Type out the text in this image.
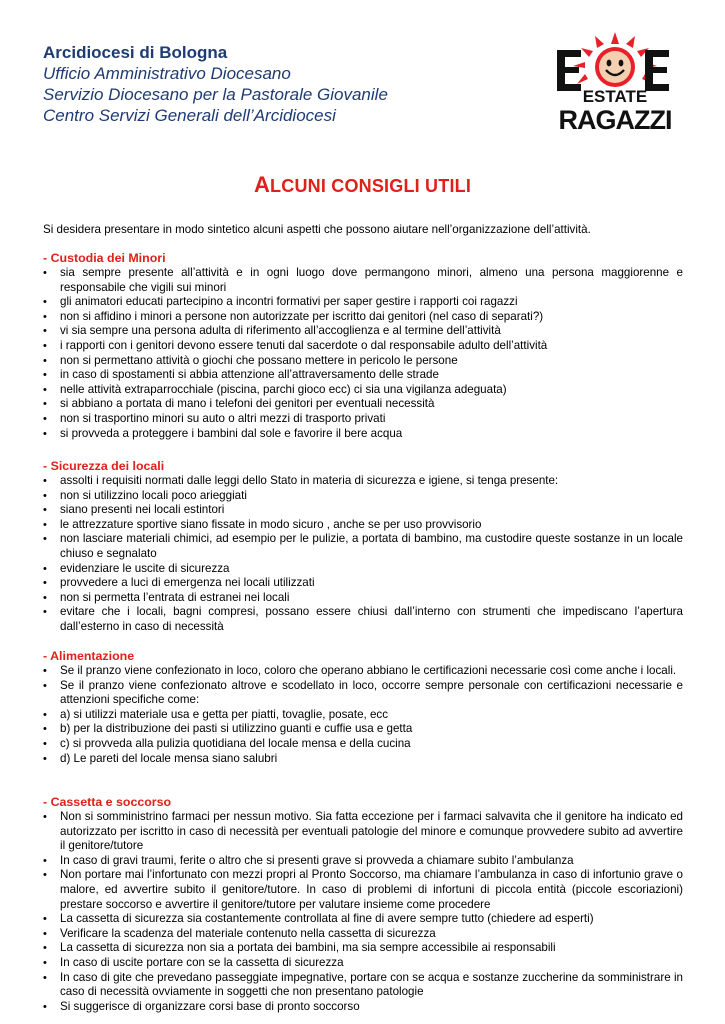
Arcidiocesi di Bologna

Ufficio Amministrativo Diocesano

Servizio Diocesano per la Pastorale Giovanile

Centro Servizi Generali dell’Arcidiocesi

ESTATE
RAGAZZI
ALCUNI CONSIGLI UTILI
Si desidera presentare in modo sintetico alcuni aspetti che possono aiutare nell’organizzazione dell’attività.
- Custodia dei Minori
• sia sempre presente all’attività e in ogni luogo dove permangono minori, almeno una persona maggiorenne e responsabile che vigili sui minori
• gli animatori educati partecipino a incontri formativi per saper gestire i rapporti coi ragazzi
• non si affidino i minori a persone non autorizzate per iscritto dai genitori (nel caso di separati?)
• vi sia sempre una persona adulta di riferimento all’accoglienza e al termine dell’attività
• i rapporti con i genitori devono essere tenuti dal sacerdote o dal responsabile adulto dell’attività
• non si permettano attività o giochi che possano mettere in pericolo le persone
• in caso di spostamenti si abbia attenzione all’attraversamento delle strade
• nelle attività extraparrocchiale (piscina, parchi gioco ecc) ci sia una vigilanza adeguata)
• si abbiano a portata di mano i telefoni dei genitori per eventuali necessità
• non si trasportino minori su auto o altri mezzi di trasporto privati
• si provveda a proteggere i bambini dal sole e favorire il bere acqua
- Sicurezza dei locali
• assolti i requisiti normati dalle leggi dello Stato in materia di sicurezza e igiene, si tenga presente:
• non si utilizzino locali poco arieggiati
• siano presenti nei locali estintori
• le attrezzature sportive siano fissate in modo sicuro , anche se per uso provvisorio
• non lasciare materiali chimici, ad esempio per le pulizie, a portata di bambino, ma custodire queste sostanze in un locale chiuso e segnalato
• evidenziare le uscite di sicurezza
• provvedere a luci di emergenza nei locali utilizzati
• non si permetta l’entrata di estranei nei locali
• evitare che i locali, bagni compresi, possano essere chiusi dall’interno con strumenti che impediscano l’apertura dall’esterno in caso di necessità
- Alimentazione
• Se il pranzo viene confezionato in loco, coloro che operano abbiano le certificazioni necessarie così come anche i locali.
• Se il pranzo viene confezionato altrove e scodellato in loco, occorre sempre personale con certificazioni necessarie e attenzioni specifiche come:
• a) si utilizzi materiale usa e getta per piatti, tovaglie, posate, ecc
• b) per la distribuzione dei pasti si utilizzino guanti e cuffie usa e getta
• c) si provveda alla pulizia quotidiana del locale mensa e della cucina
• d) Le pareti del locale mensa siano salubri
- Cassetta e soccorso
• Non si somministrino farmaci per nessun motivo. Sia fatta eccezione per i farmaci salvavita che il genitore ha indicato ed autorizzato per iscritto in caso di necessità per eventuali patologie del minore e comunque provvedere subito ad avvertire il genitore/tutore
• In caso di gravi traumi, ferite o altro che si presenti grave si provveda a chiamare subito l’ambulanza
• Non portare mai l’infortunato con mezzi propri al Pronto Soccorso, ma chiamare l’ambulanza in caso di infortunio grave o malore, ed avvertire subito il genitore/tutore. In caso di problemi di infortuni di piccola entità (piccole escoriazioni) prestare soccorso e avvertire il genitore/tutore per valutare insieme come procedere
• La cassetta di sicurezza sia costantemente controllata al fine di avere sempre tutto (chiedere ad esperti)
• Verificare la scadenza del materiale contenuto nella cassetta di sicurezza
• La cassetta di sicurezza non sia a portata dei bambini, ma sia sempre accessibile ai responsabili
• In caso di uscite portare con se la cassetta di sicurezza
• In caso di gite che prevedano passeggiate impegnative, portare con se acqua e sostanze zuccherine da somministrare in caso di necessità ovviamente in soggetti che non presentano patologie
• Si suggerisce di organizzare corsi base di pronto soccorso
